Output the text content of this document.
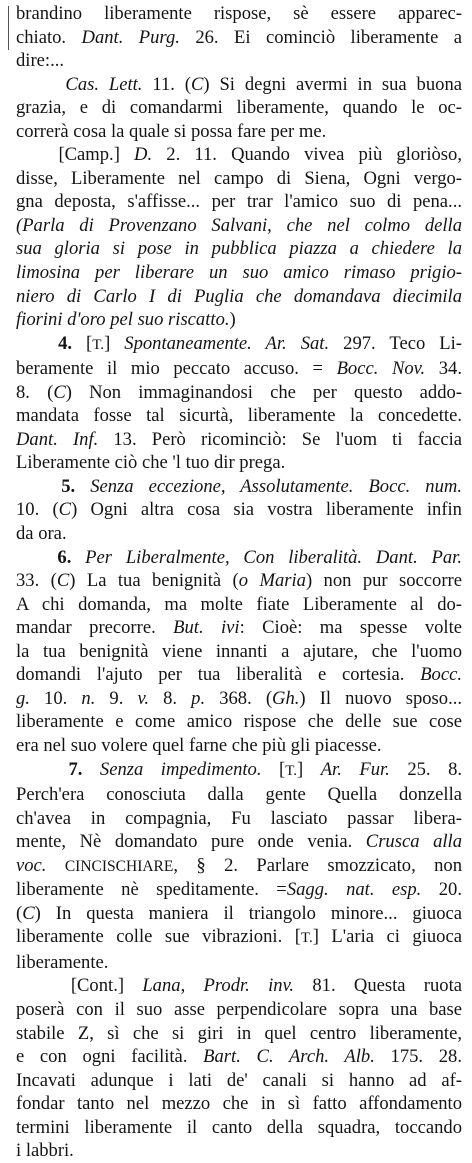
brandino liberamente rispose, sè essere apparec-
chiato. Dant. Purg. 26. Ei cominciò liberamente a
dire:...
Cas. Lett. 11. (C) Si degni avermi in sua buona
grazia, e di comandarmi liberamente, quando le oc-
correrà cosa la quale si possa fare per me.
[Camp.] D. 2. 11. Quando vivea più gloriòso,
disse, Liberamente nel campo di Siena, Ogni vergo-
gna deposta, s'affisse... per trar l'amico suo di pena...
(Parla di Provenzano Salvani, che nel colmo della
sua gloria si pose in pubblica piazza a chiedere la
limosina per liberare un suo amico rimaso prigio-
niero di Carlo I di Puglia che domandava diecimila
fiorini d'oro pel suo riscatto.)
4. [T.] Spontaneamente. Ar. Sat. 297. Teco Li-
beramente il mio peccato accuso. = Bocc. Nov. 34.
8. (C) Non immaginandosi che per questo addo-
mandata fosse tal sicurtà, liberamente la concedette.
Dant. Inf. 13. Però ricominciò: Se l'uom ti faccia
Liberamente ciò che 'l tuo dir prega.
5. Senza eccezione, Assolutamente. Bocc. num.
10. (C) Ogni altra cosa sia vostra liberamente infin
da ora.
6. Per Liberalmente, Con liberalità. Dant. Par.
33. (C) La tua benignità (o Maria) non pur soccorre
A chi domanda, ma molte fiate Liberamente al do-
mandar precorre. But. ivi: Cioè: ma spesse volte
la tua benignità viene innanti a ajutare, che l'uomo
domandi l'ajuto per tua liberalità e cortesia. Bocc.
g. 10. n. 9. v. 8. p. 368. (Gh.) Il nuovo sposo...
liberamente e come amico rispose che delle sue cose
era nel suo volere quel farne che più gli piacesse.
7. Senza impedimento. [T.] Ar. Fur. 25. 8.
Perch'era conosciuta dalla gente Quella donzella
ch'avea in compagnia, Fu lasciato passar libera-
mente, Nè domandato pure onde venia. Crusca alla
voc. CINCISCHIARE, § 2. Parlare smozzicato, non
liberamente nè speditamente. =Sagg. nat. esp. 20.
(C) In questa maniera il triangolo minore... giuoca
liberamente colle sue vibrazioni. [T.] L'aria ci giuoca
liberamente.
[Cont.] Lana, Prodr. inv. 81. Questa ruota
poserà con il suo asse perpendicolare sopra una base
stabile Z, sì che si giri in quel centro liberamente,
e con ogni facilità. Bart. C. Arch. Alb. 175. 28.
Incavati adunque i lati de' canali si hanno ad af-
fondar tanto nel mezzo che in sì fatto affondamento
termini liberamente il canto della squadra, toccando
i labbri.
